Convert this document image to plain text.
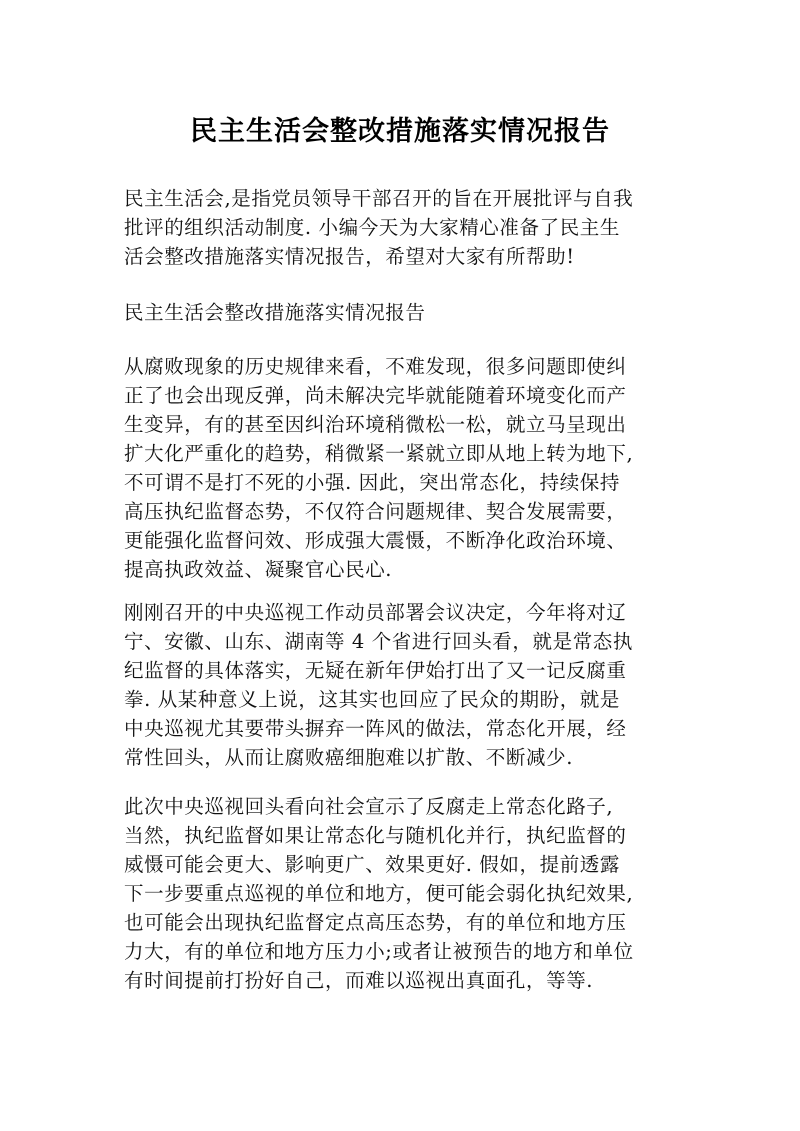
民主生活会整改措施落实情况报告

民主生活会,是指党员领导干部召开的旨在开展批评与自我
批评的组织活动制度. 小编今天为大家精心准备了民主生
活会整改措施落实情况报告，希望对大家有所帮助!

民主生活会整改措施落实情况报告

从腐败现象的历史规律来看，不难发现，很多问题即使纠
正了也会出现反弹，尚未解决完毕就能随着环境变化而产
生变异，有的甚至因纠治环境稍微松一松，就立马呈现出
扩大化严重化的趋势，稍微紧一紧就立即从地上转为地下,
不可谓不是打不死的小强. 因此，突出常态化，持续保持
高压执纪监督态势，不仅符合问题规律、契合发展需要，
更能强化监督问效、形成强大震慑，不断净化政治环境、
提高执政效益、凝聚官心民心.

刚刚召开的中央巡视工作动员部署会议决定，今年将对辽
宁、安徽、山东、湖南等 4 个省进行回头看，就是常态执
纪监督的具体落实，无疑在新年伊始打出了又一记反腐重
拳. 从某种意义上说，这其实也回应了民众的期盼，就是
中央巡视尤其要带头摒弃一阵风的做法，常态化开展，经
常性回头，从而让腐败癌细胞难以扩散、不断减少.

此次中央巡视回头看向社会宣示了反腐走上常态化路子,
当然，执纪监督如果让常态化与随机化并行，执纪监督的
威慑可能会更大、影响更广、效果更好. 假如，提前透露
下一步要重点巡视的单位和地方，便可能会弱化执纪效果,
也可能会出现执纪监督定点高压态势，有的单位和地方压
力大，有的单位和地方压力小;或者让被预告的地方和单位
有时间提前打扮好自己，而难以巡视出真面孔，等等.
